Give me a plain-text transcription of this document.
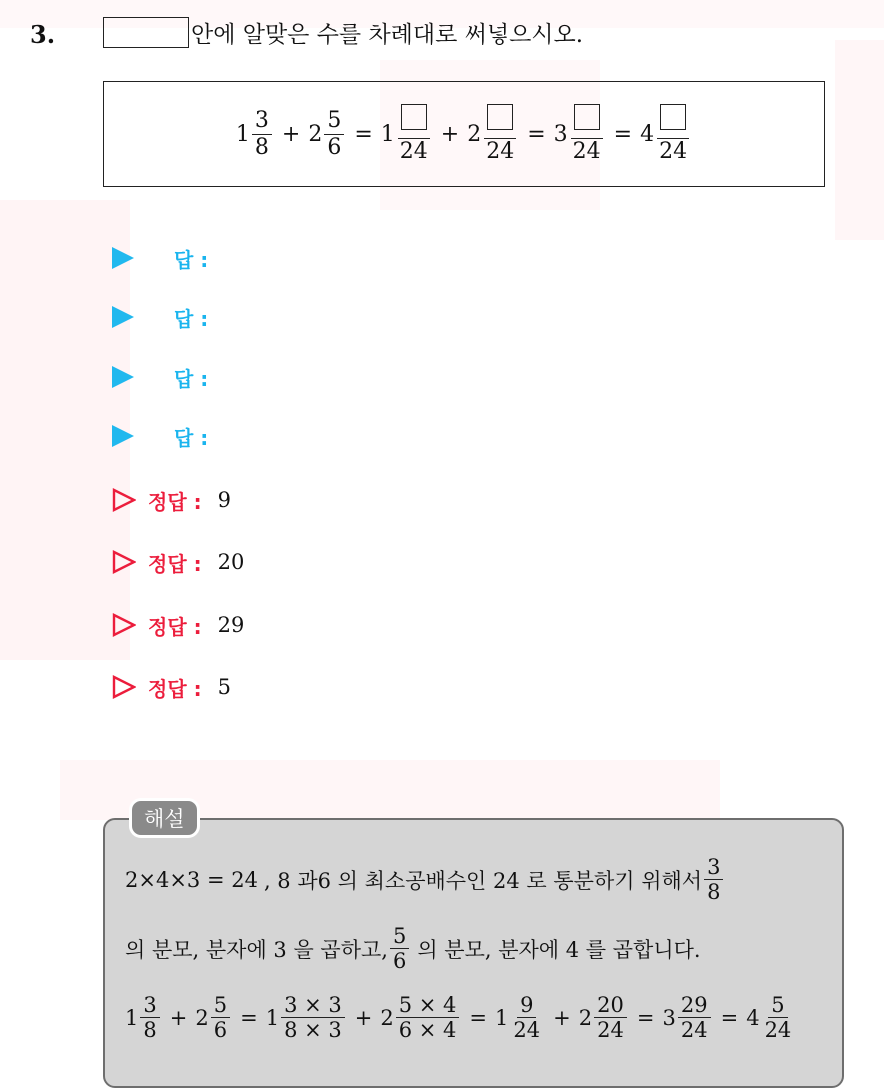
3.	안에 알맞은 수를 차례대로 써넣으시오.
$1 \frac{3}{8} + 2 \frac{5}{6} = 1$
24
+ 2
24
= 3
24
= 4
24
답 :
답 :
답 :
답 :
정답 : 9
정답 : 20
정답 : 29
정답 : 5
해설
2×4×3 = 24 , 8 과6 의 최소공배수인 24 로 통분하기 위해서 $\frac{3}{8}$
의 분모, 분자에 3 을 곱하고, $\frac{5}{6}$ 의 분모, 분자에 4 를 곱합니다.
$1 \frac{3}{8} + 2 \frac{5}{6} = 1 \frac{3 \times 3}{8 \times 3} + 2 \frac{5 \times 4}{6 \times 4} = 1 \frac{9}{24} + 2 \frac{20}{24} = 3 \frac{29}{24} = 4 \frac{5}{24}$
